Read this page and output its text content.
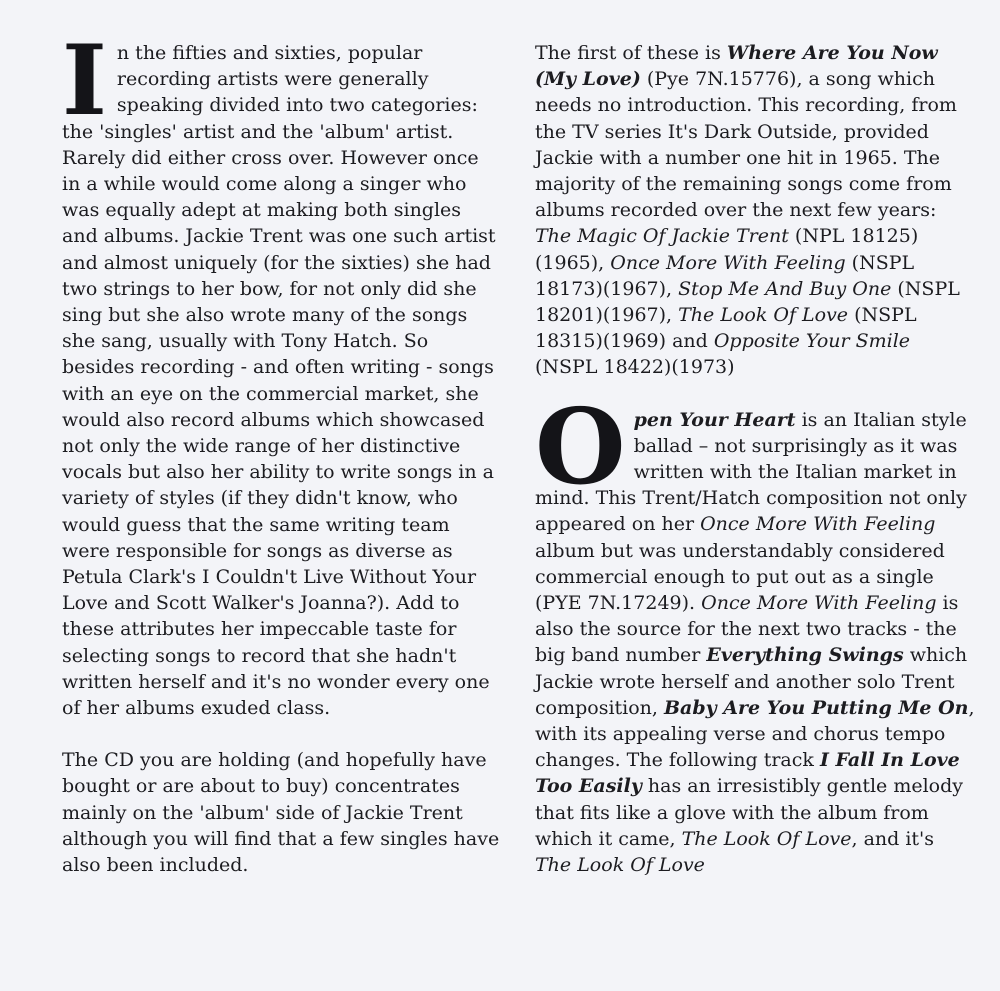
In the fifties and sixties, popular recording artists were generally speaking divided into two categories: the 'singles' artist and the 'album' artist. Rarely did either cross over. However once in a while would come along a singer who was equally adept at making both singles and albums. Jackie Trent was one such artist and almost uniquely (for the sixties) she had two strings to her bow, for not only did she sing but she also wrote many of the songs she sang, usually with Tony Hatch. So besides recording - and often writing - songs with an eye on the commercial market, she would also record albums which showcased not only the wide range of her distinctive vocals but also her ability to write songs in a variety of styles (if they didn't know, who would guess that the same writing team were responsible for songs as diverse as Petula Clark's I Couldn't Live Without Your Love and Scott Walker's Joanna?). Add to these attributes her impeccable taste for selecting songs to record that she hadn't written herself and it's no wonder every one of her albums exuded class.

The CD you are holding (and hopefully have bought or are about to buy) concentrates mainly on the 'album' side of Jackie Trent although you will find that a few singles have also been included.

The first of these is Where Are You Now (My Love) (Pye 7N.15776), a song which needs no introduction. This recording, from the TV series It's Dark Outside, provided Jackie with a number one hit in 1965. The majority of the remaining songs come from albums recorded over the next few years: The Magic Of Jackie Trent (NPL 18125)(1965), Once More With Feeling (NSPL 18173)(1967), Stop Me And Buy One (NSPL 18201)(1967), The Look Of Love (NSPL 18315)(1969) and Opposite Your Smile (NSPL 18422)(1973)

Open Your Heart is an Italian style ballad – not surprisingly as it was written with the Italian market in mind. This Trent/Hatch composition not only appeared on her Once More With Feeling album but was understandably considered commercial enough to put out as a single (PYE 7N.17249). Once More With Feeling is also the source for the next two tracks - the big band number Everything Swings which Jackie wrote herself and another solo Trent composition, Baby Are You Putting Me On, with its appealing verse and chorus tempo changes. The following track I Fall In Love Too Easily has an irresistibly gentle melody that fits like a glove with the album from which it came, The Look Of Love, and it's The Look Of Love
